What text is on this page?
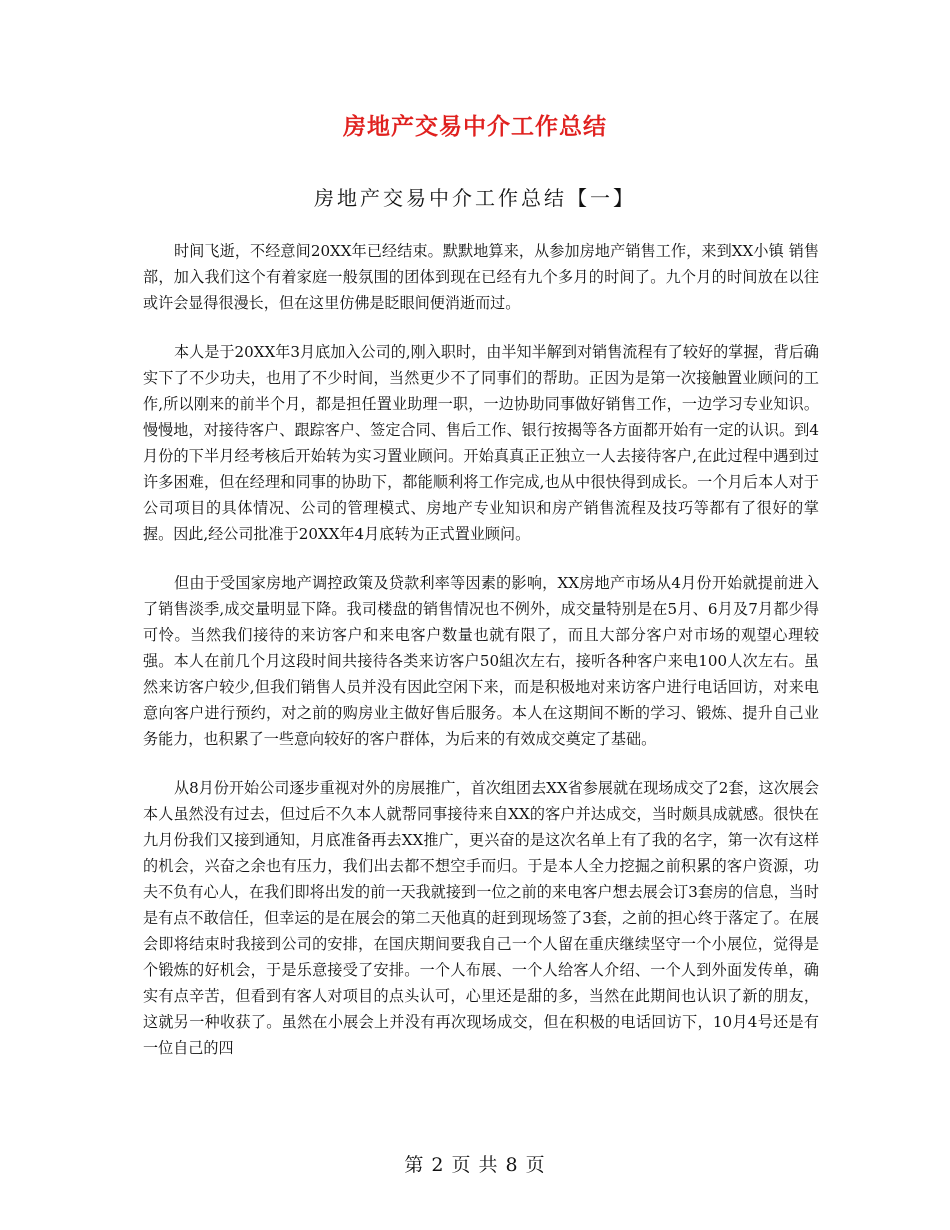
房地产交易中介工作总结
房地产交易中介工作总结【一】

时间飞逝，不经意间20XX年已经结束。默默地算来，从参加房地产销售工作，来到XX小镇 销售部，加入我们这个有着家庭一般氛围的团体到现在已经有九个多月的时间了。九个月的时间放在以往或许会显得很漫长，但在这里仿佛是眨眼间便消逝而过。

本人是于20XX年3月底加入公司的,刚入职时，由半知半解到对销售流程有了较好的掌握，背后确实下了不少功夫，也用了不少时间，当然更少不了同事们的帮助。正因为是第一次接触置业顾问的工作,所以刚来的前半个月，都是担任置业助理一职，一边协助同事做好销售工作，一边学习专业知识。慢慢地，对接待客户、跟踪客户、签定合同、售后工作、银行按揭等各方面都开始有一定的认识。到4月份的下半月经考核后开始转为实习置业顾问。开始真真正正独立一人去接待客户,在此过程中遇到过许多困难，但在经理和同事的协助下，都能顺利将工作完成,也从中很快得到成长。一个月后本人对于公司项目的具体情况、公司的管理模式、房地产专业知识和房产销售流程及技巧等都有了很好的掌握。因此,经公司批准于20XX年4月底转为正式置业顾问。

但由于受国家房地产调控政策及贷款利率等因素的影响，XX房地产市场从4月份开始就提前进入了销售淡季,成交量明显下降。我司楼盘的销售情况也不例外，成交量特别是在5月、6月及7月都少得可怜。当然我们接待的来访客户和来电客户数量也就有限了，而且大部分客户对市场的观望心理较强。本人在前几个月这段时间共接待各类来访客户50組次左右，接听各种客户来电100人次左右。虽然来访客户较少,但我们销售人员并没有因此空闲下来，而是积极地对来访客户进行电话回访，对来电意向客户进行预约，对之前的购房业主做好售后服务。本人在这期间不断的学习、锻炼、提升自己业务能力，也积累了一些意向较好的客户群体，为后来的有效成交奠定了基础。

从8月份开始公司逐步重视对外的房展推广，首次组团去XX省参展就在现场成交了2套，这次展会本人虽然没有过去，但过后不久本人就帮同事接待来自XX的客户并达成交，当时颇具成就感。很快在九月份我们又接到通知，月底准备再去XX推广，更兴奋的是这次名单上有了我的名字，第一次有这样的机会，兴奋之余也有压力，我们出去都不想空手而归。于是本人全力挖掘之前积累的客户资源，功夫不负有心人，在我们即将出发的前一天我就接到一位之前的来电客户想去展会订3套房的信息，当时是有点不敢信任，但幸运的是在展会的第二天他真的赶到现场签了3套，之前的担心终于落定了。在展会即将结束时我接到公司的安排，在国庆期间要我自己一个人留在重庆继续坚守一个小展位，觉得是个锻炼的好机会，于是乐意接受了安排。一个人布展、一个人给客人介绍、一个人到外面发传单，确实有点辛苦，但看到有客人对项目的点头认可，心里还是甜的多，当然在此期间也认识了新的朋友，这就另一种收获了。虽然在小展会上并没有再次现场成交，但在积极的电话回访下，10月4号还是有一位自己的四

第 2 页 共 8 页
